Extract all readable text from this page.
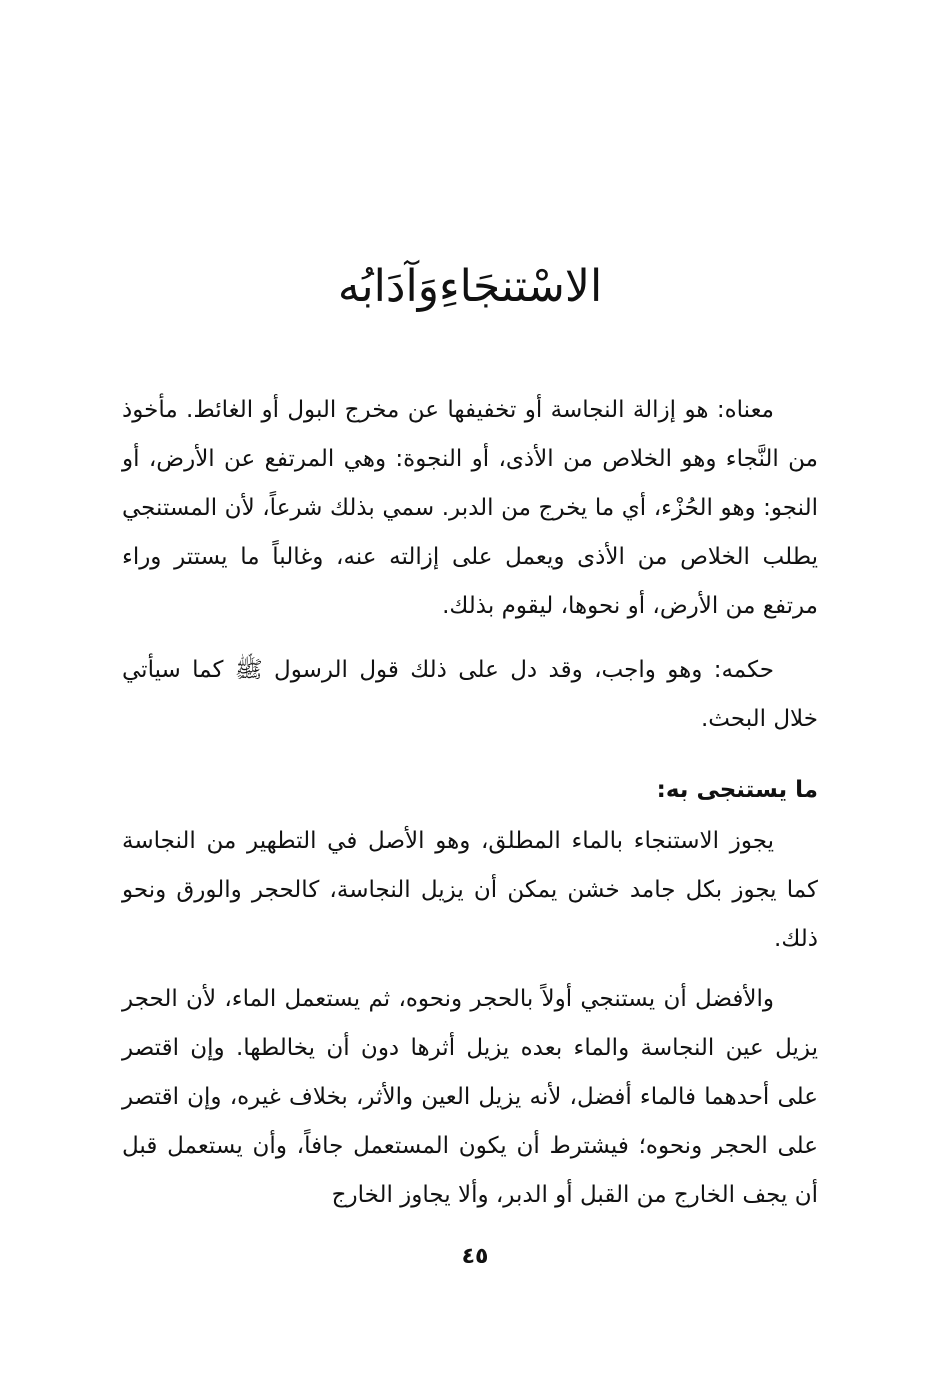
الاسْتنجَاءِوَآدَابُه

معناه: هو إزالة النجاسة أو تخفيفها عن مخرج البول أو الغائط. مأخوذ من النَّجاء وهو الخلاص من الأذى، أو النجوة: وهي المرتفع عن الأرض، أو النجو: وهو الحُزْء، أي ما يخرج من الدبر. سمي بذلك شرعاً، لأن المستنجي يطلب الخلاص من الأذى ويعمل على إزالته عنه، وغالباً ما يستتر وراء مرتفع من الأرض، أو نحوها، ليقوم بذلك.

حكمه: وهو واجب، وقد دل على ذلك قول الرسول ﷺ كما سيأتي خلال البحث.

ما يستنجى به:

يجوز الاستنجاء بالماء المطلق، وهو الأصل في التطهير من النجاسة كما يجوز بكل جامد خشن يمكن أن يزيل النجاسة، كالحجر والورق ونحو ذلك.

والأفضل أن يستنجي أولاً بالحجر ونحوه، ثم يستعمل الماء، لأن الحجر يزيل عين النجاسة والماء بعده يزيل أثرها دون أن يخالطها. وإن اقتصر على أحدهما فالماء أفضل، لأنه يزيل العين والأثر، بخلاف غيره، وإن اقتصر على الحجر ونحوه؛ فيشترط أن يكون المستعمل جافاً، وأن يستعمل قبل أن يجف الخارج من القبل أو الدبر، وألا يجاوز الخارج

٤٥
